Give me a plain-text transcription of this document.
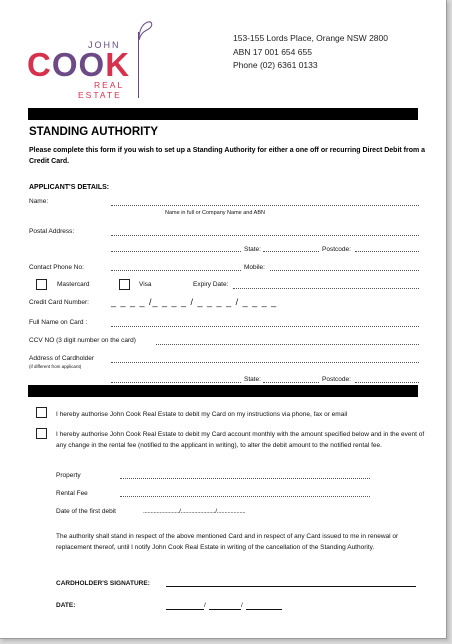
JOHN
COOK
REAL
ESTATE
153-155 Lords Place, Orange NSW 2800
ABN 17 001 654 655
Phone (02) 6361 0133
STANDING AUTHORITY
Please complete this form if you wish to set up a Standing Authority for either a one off or recurring Direct Debit from a Credit Card.
APPLICANT'S DETAILS:
Name:
Name in full or Company Name and ABN
Postal Address:
State:	Postcode:
Contact Phone No:	Mobile:
Mastercard	Visa	Expiry Date:
Credit Card Number: _ _ _ _ /_ _ _ _ / _ _ _ _ / _ _ _ _
Full Name on Card :
CCV NO (3 digit number on the card)
Address of Cardholder
(if different from applicant)
State:	Postcode:
I hereby authorise John Cook Real Estate to debit my Card on my instructions via phone, fax or email
I hereby authorise John Cook Real Estate to debit my Card account monthly with the amount specified below and in the event of any change in the rental fee (notified to the applicant in writing), to alter the debit amount to the notified rental fee.
Property
Rental Fee
Date of the first debit	......................../......................./...................
The authority shall stand in respect of the above mentioned Card and in respect of any Card issued to me in renewal or replacement thereof, until I notify John Cook Real Estate in writing of the cancellation of the Standing Authority.
CARDHOLDER'S SIGNATURE:
DATE:	/	/
